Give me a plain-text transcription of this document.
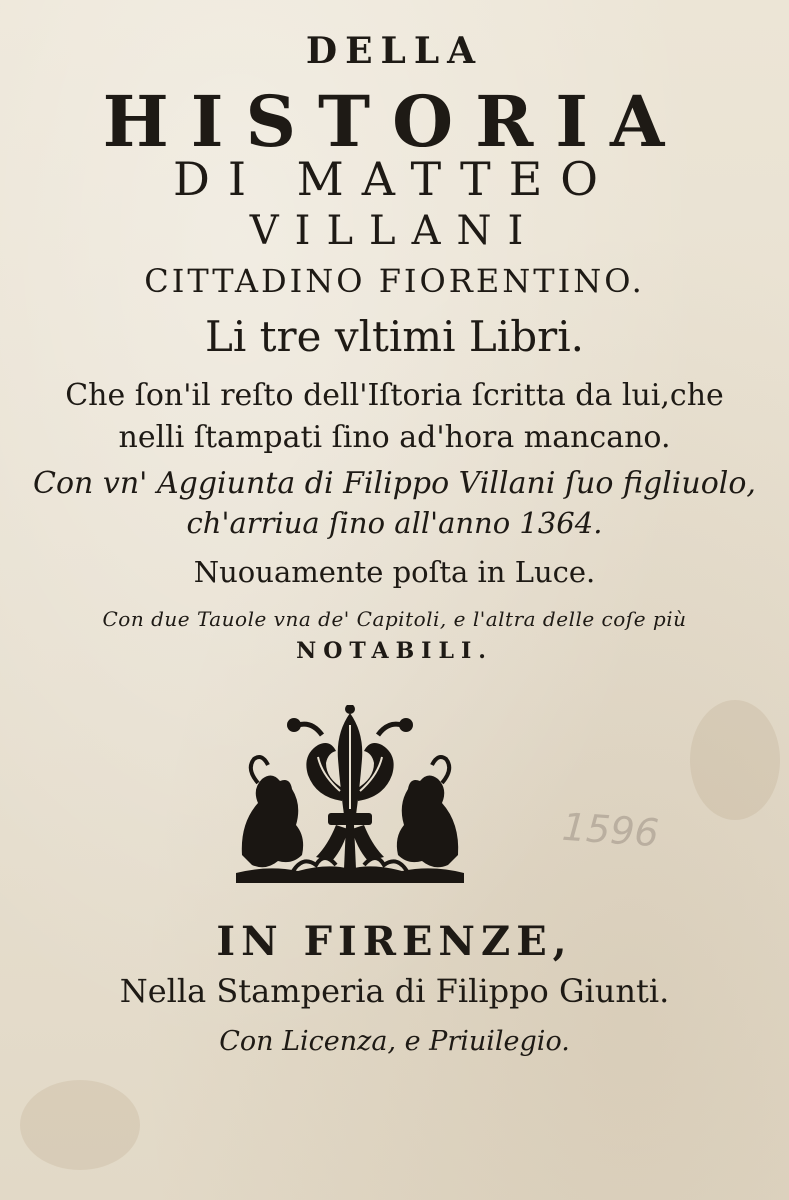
DELLA
HISTORIA
DI MATTEO
VILLANI
CITTADINO FIORENTINO.
Li tre vltimi Libri.
Che ſon'il reſto dell'Iſtoria ſcritta da lui,che
nelli ſtampati ſino ad'hora mancano.
Con vn' Aggiunta di Filippo Villani ſuo figliuolo,
ch'arriua ſino all'anno 1364.
Nuouamente poſta in Luce.
Con due Tauole vna de' Capitoli, e l'altra delle coſe più
NOTABILI.
1596
IN FIRENZE,
Nella Stamperia di Filippo Giunti.
Con Licenza, e Priuilegio.
